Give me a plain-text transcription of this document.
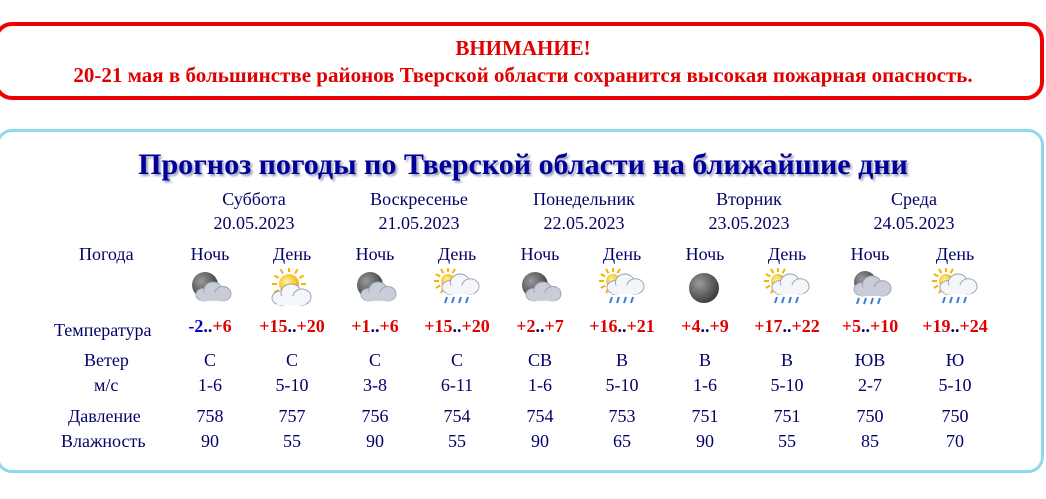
ВНИМАНИЕ!
20-21 мая в большинстве районов Тверской области сохранится высокая пожарная опасность.
Прогноз погоды по Тверской области на ближайшие дни
Погода
Температура
Ветер
м/с
Давление
Влажность
Суббота
20.05.2023
Воскресенье
21.05.2023
Понедельник
22.05.2023
Вторник
23.05.2023
Среда
24.05.2023
Ночь
-2..+6
С
1-6
758
90
День
+15..+20
С
5-10
757
55
Ночь
+1..+6
С
3-8
756
90
День
+15..+20
С
6-11
754
55
Ночь
+2..+7
СВ
1-6
754
90
День
+16..+21
В
5-10
753
65
Ночь
+4..+9
В
1-6
751
90
День
+17..+22
В
5-10
751
55
Ночь
+5..+10
ЮВ
2-7
750
85
День
+19..+24
Ю
5-10
750
70
